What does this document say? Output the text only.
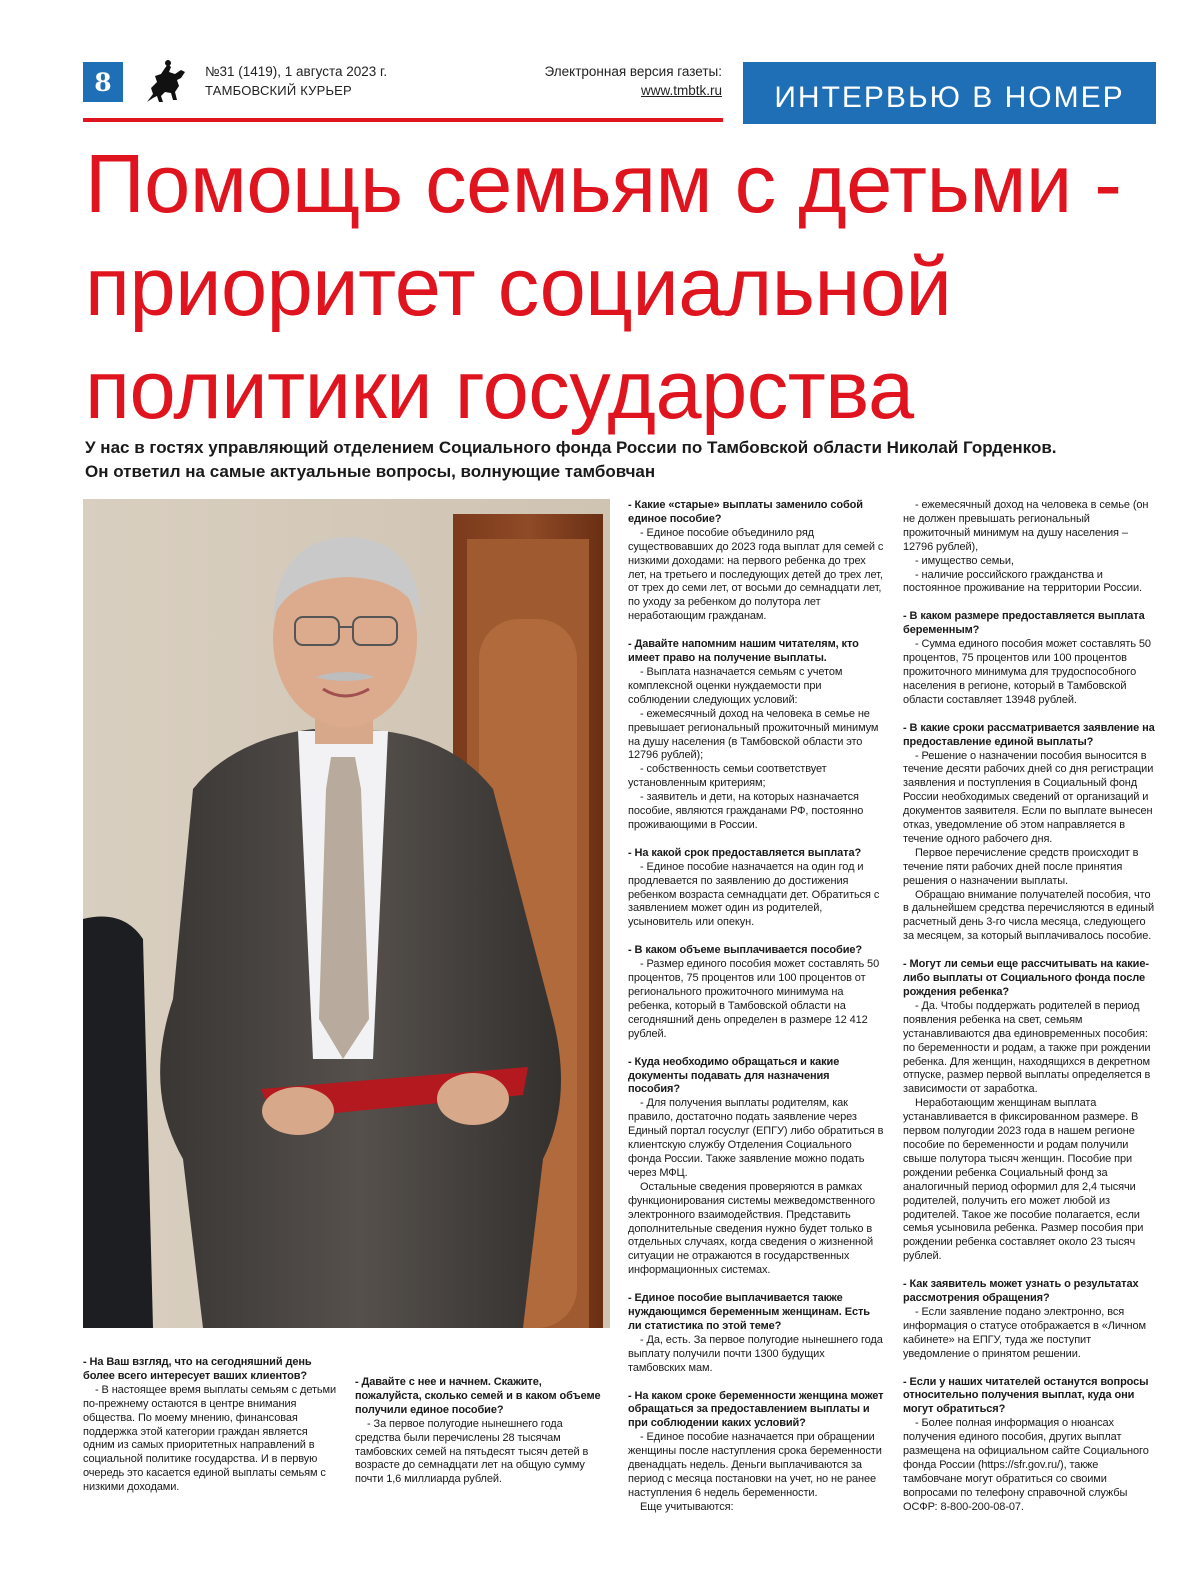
8	№31 (1419), 1 августа 2023 г.
ТАМБОВСКИЙ КУРЬЕР
Электронная версия газеты:
www.tmbtk.ru	ИНТЕРВЬЮ В НОМЕР
Помощь семьям с детьми -
приоритет социальной
политики государства
У нас в гостях управляющий отделением Социального фонда России по Тамбовской области Николай Горденков.
Он ответил на самые актуальные вопросы, волнующие тамбовчан
- На Ваш взгляд, что на сегодняшний день более всего интересует ваших клиентов?
- В настоящее время выплаты семьям с детьми по-прежнему остаются в центре внимания общества. По моему мнению, финансовая поддержка этой категории граждан является одним из самых приоритетных направлений в социальной политике государства. И в первую очередь это касается единой выплаты семьям с низкими доходами.
- Давайте с нее и начнем. Скажите, пожалуйста, сколько семей и в каком объеме получили единое пособие?
- За первое полугодие нынешнего года средства были перечислены 28 тысячам тамбовских семей на пятьдесят тысяч детей в возрасте до семнадцати лет на общую сумму почти 1,6 миллиарда рублей.
- Какие «старые» выплаты заменило собой единое пособие?
- Единое пособие объединило ряд существовавших до 2023 года выплат для семей с низкими доходами: на первого ребенка до трех лет, на третьего и последующих детей до трех лет, от трех до семи лет, от восьми до семнадцати лет, по уходу за ребенком до полутора лет неработающим гражданам.
- Давайте напомним нашим читателям, кто имеет право на получение выплаты.
- Выплата назначается семьям с учетом комплексной оценки нуждаемости при соблюдении следующих условий:
- ежемесячный доход на человека в семье не превышает региональный прожиточный минимум на душу населения (в Тамбовской области это 12796 рублей);
- собственность семьи соответствует установленным критериям;
- заявитель и дети, на которых назначается пособие, являются гражданами РФ, постоянно проживающими в России.
- На какой срок предоставляется выплата?
- Единое пособие назначается на один год и продлевается по заявлению до достижения ребенком возраста семнадцати дет. Обратиться с заявлением может один из родителей, усыновитель или опекун.
- В каком объеме выплачивается пособие?
- Размер единого пособия может составлять 50 процентов, 75 процентов или 100 процентов от регионального прожиточного минимума на ребенка, который в Тамбовской области на сегодняшний день определен в размере 12 412 рублей.
- Куда необходимо обращаться и какие документы подавать для назначения пособия?
- Для получения выплаты родителям, как правило, достаточно подать заявление через Единый портал госуслуг (ЕПГУ) либо обратиться в клиентскую службу Отделения Социального фонда России. Также заявление можно подать через МФЦ.
Остальные сведения проверяются в рамках функционирования системы межведомственного электронного взаимодействия. Представить дополнительные сведения нужно будет только в отдельных случаях, когда сведения о жизненной ситуации не отражаются в государственных информационных системах.
- Единое пособие выплачивается также нуждающимся беременным женщинам. Есть ли статистика по этой теме?
- Да, есть. За первое полугодие нынешнего года выплату получили почти 1300 будущих тамбовских мам.
- На каком сроке беременности женщина может обращаться за предоставлением выплаты и при соблюдении каких условий?
- Единое пособие назначается при обращении женщины после наступления срока беременности двенадцать недель. Деньги выплачиваются за период с месяца постановки на учет, но не ранее наступления 6 недель беременности.
Еще учитываются:
- ежемесячный доход на человека в семье (он не должен превышать региональный прожиточный минимум на душу населения – 12796 рублей),
- имущество семьи,
- наличие российского гражданства и постоянное проживание на территории России.
- В каком размере предоставляется выплата беременным?
- Сумма единого пособия может составлять 50 процентов, 75 процентов или 100 процентов прожиточного минимума для трудоспособного населения в регионе, который в Тамбовской области составляет 13948 рублей.
- В какие сроки рассматривается заявление на предоставление единой выплаты?
- Решение о назначении пособия выносится в течение десяти рабочих дней со дня регистрации заявления и поступления в Социальный фонд России необходимых сведений от организаций и документов заявителя. Если по выплате вынесен отказ, уведомление об этом направляется в течение одного рабочего дня.
Первое перечисление средств происходит в течение пяти рабочих дней после принятия решения о назначении выплаты.
Обращаю внимание получателей пособия, что в дальнейшем средства перечисляются в единый расчетный день 3-го числа месяца, следующего за месяцем, за который выплачивалось пособие.
- Могут ли семьи еще рассчитывать на какие-либо выплаты от Социального фонда после рождения ребенка?
- Да. Чтобы поддержать родителей в период появления ребенка на свет, семьям устанавливаются два единовременных пособия: по беременности и родам, а также при рождении ребенка. Для женщин, находящихся в декретном отпуске, размер первой выплаты определяется в зависимости от заработка.
Неработающим женщинам выплата устанавливается в фиксированном размере. В первом полугодии 2023 года в нашем регионе пособие по беременности и родам получили свыше полутора тысяч женщин. Пособие при рождении ребенка Социальный фонд за аналогичный период оформил для 2,4 тысячи родителей, получить его может любой из родителей. Такое же пособие полагается, если семья усыновила ребенка. Размер пособия при рождении ребенка составляет около 23 тысяч рублей.
- Как заявитель может узнать о результатах рассмотрения обращения?
- Если заявление подано электронно, вся информация о статусе отображается в «Личном кабинете» на ЕПГУ, туда же поступит уведомление о принятом решении.
- Если у наших читателей останутся вопросы относительно получения выплат, куда они могут обратиться?
- Более полная информация о нюансах получения единого пособия, других выплат размещена на официальном сайте Социального фонда России (https://sfr.gov.ru/), также тамбовчане могут обратиться со своими вопросами по телефону справочной службы ОСФР: 8-800-200-08-07.
